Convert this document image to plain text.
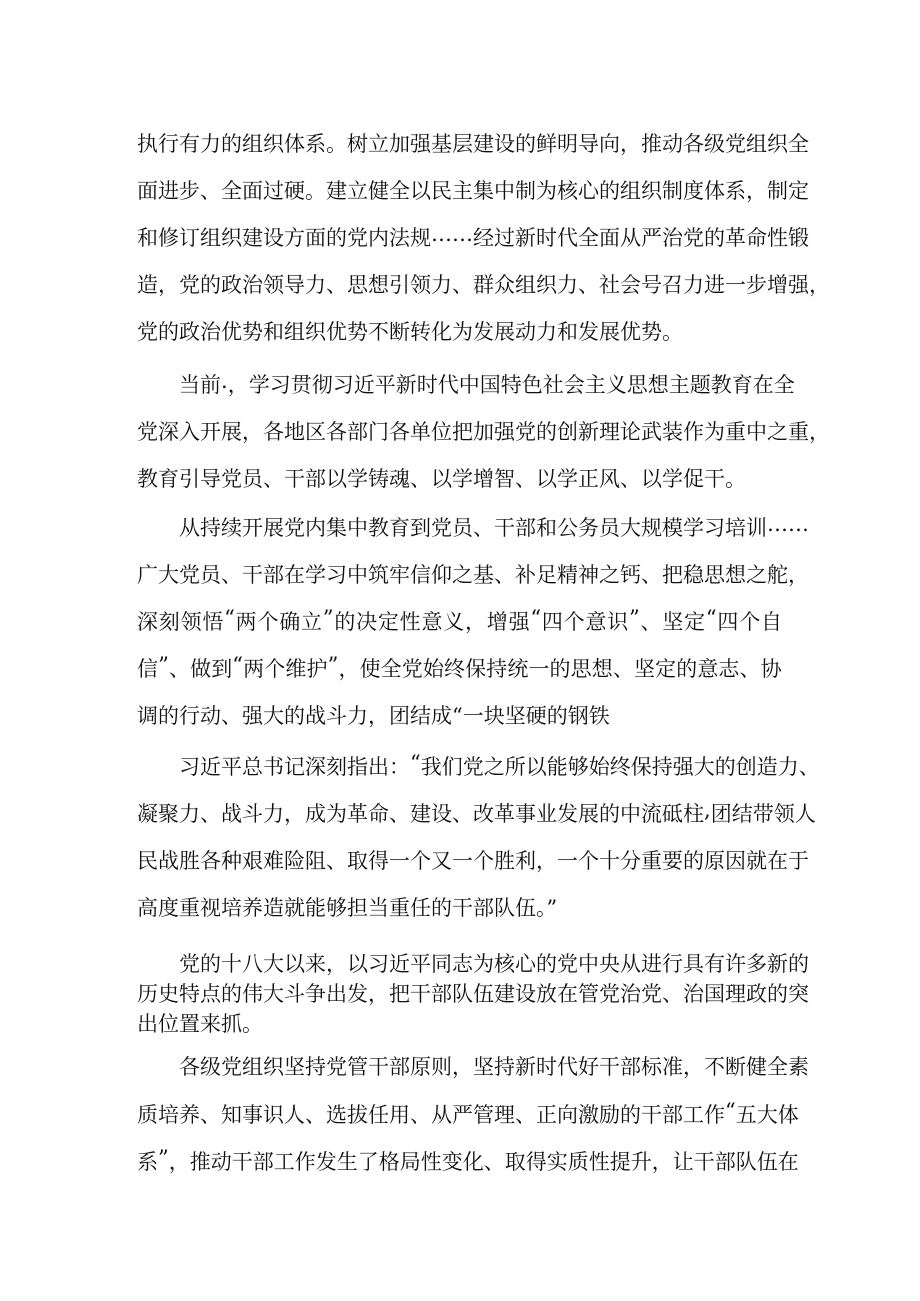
执 行 有 力 的 组 织 体 系 。 树 立 加 强 基 层 建 设 的 鲜 明 导 向 ， 推 动 各 级 党 组 织 全

面 进 步 、 全 面 过 硬 。 建 立 健 全 以 民 主 集 中 制 为 核 心 的 组 织 制 度 体 系 ， 制 定

和 修 订 组 织 建 设 方 面 的 党 内 法 规 … … 经 过 新 时 代 全 面 从 严 治 党 的 革 命 性 锻

造 ， 党 的 政 治 领 导 力 、 思 想 引 领 力 、 群 众 组 织 力 、 社 会 号 召 力 进 一 步 增 强 ，

党的政治优势和组织优势不断转化为发展动力和发展优势。

当 前 . ， 学 习 贯 彻 习 近 平 新 时 代 中 国 特 色 社 会 主 义 思 想 主 题 教 育 在 全

党 深 入 开 展 ， 各 地 区 各 部 门 各 单 位 把 加 强 党 的 创 新 理 论 武 装 作 为 重 中 之 重 ，

教育引导党员、干部以学铸魂、以学增智、以学正风、以学促干。

从 持 续 开 展 党 内 集 中 教 育 到 党 员 、 干 部 和 公 务 员 大 规 模 学 习 培 训 … …

广 大 党 员 、 干 部 在 学 习 中 筑 牢 信 仰 之 基 、 补 足 精 神 之 钙 、 把 稳 思 想 之 舵 ，

深 刻 领 悟 “ 两 个 确 立 ” 的 决 定 性 意 义 ， 增 强 “ 四 个 意 识 ” 、 坚 定 “ 四 个 自

信 ” 、 做 到 “ 两 个 维 护 ” ， 使 全 党 始 终 保 持 统 一 的 思 想 、 坚 定 的 意 志 、 协

调的行动、强大的战斗力，团结成“一块坚硬的钢铁

习 近 平 总 书 记 深 刻 指 出 ： “ 我 们 党 之 所 以 能 够 始 终 保 持 强 大 的 创 造 力 、

凝 聚 力 、 战 斗 力 ， 成 为 革 命 、 建 设 、 改 革 事 业 发 展 的 中 流 砥 柱 , 团 结 带 领 人

民 战 胜 各 种 艰 难 险 阻 、 取 得 一 个 又 一 个 胜 利 ， 一 个 十 分 重 要 的 原 因 就 在 于

高度重视培养造就能够担当重任的干部队伍。”

党 的 十 八 大 以 来 ， 以 习 近 平 同 志 为 核 心 的 党 中 央 从 进 行 具 有 许 多 新 的

历 史 特 点 的 伟 大 斗 争 出 发 ， 把 干 部 队 伍 建 设 放 在 管 党 治 党 、 治 国 理 政 的 突

出位置来抓。

各 级 党 组 织 坚 持 党 管 干 部 原 则 ， 坚 持 新 时 代 好 干 部 标 准 ， 不 断 健 全 素

质 培 养 、 知 事 识 人 、 选 拔 任 用 、 从 严 管 理 、 正 向 激 励 的 干 部 工 作 “ 五 大 体

系 ” ， 推 动 干 部 工 作 发 生 了 格 局 性 变 化 、 取 得 实 质 性 提 升 ， 让 干 部 队 伍 在
